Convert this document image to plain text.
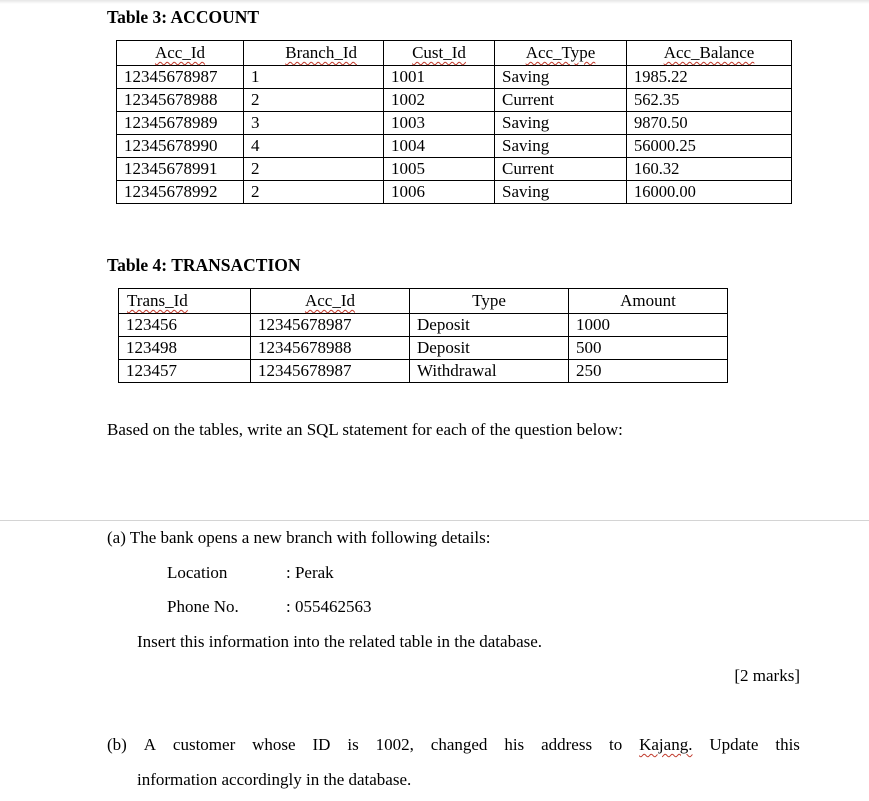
Table 3: ACCOUNT
Acc_Id	Branch_Id	Cust_Id	Acc_Type	Acc_Balance
12345678987	1	1001	Saving	1985.22
12345678988	2	1002	Current	562.35
12345678989	3	1003	Saving	9870.50
12345678990	4	1004	Saving	56000.25
12345678991	2	1005	Current	160.32
12345678992	2	1006	Saving	16000.00
Table 4: TRANSACTION
Trans_Id	Acc_Id	Type	Amount
123456	12345678987	Deposit	1000
123498	12345678988	Deposit	500
123457	12345678987	Withdrawal	250
Based on the tables, write an SQL statement for each of the question below:
(a) The bank opens a new branch with following details:
Location	: Perak
Phone No.	: 055462563
Insert this information into the related table in the database.
[2 marks]
(b) A customer whose ID is 1002, changed his address to Kajang. Update this
information accordingly in the database.
